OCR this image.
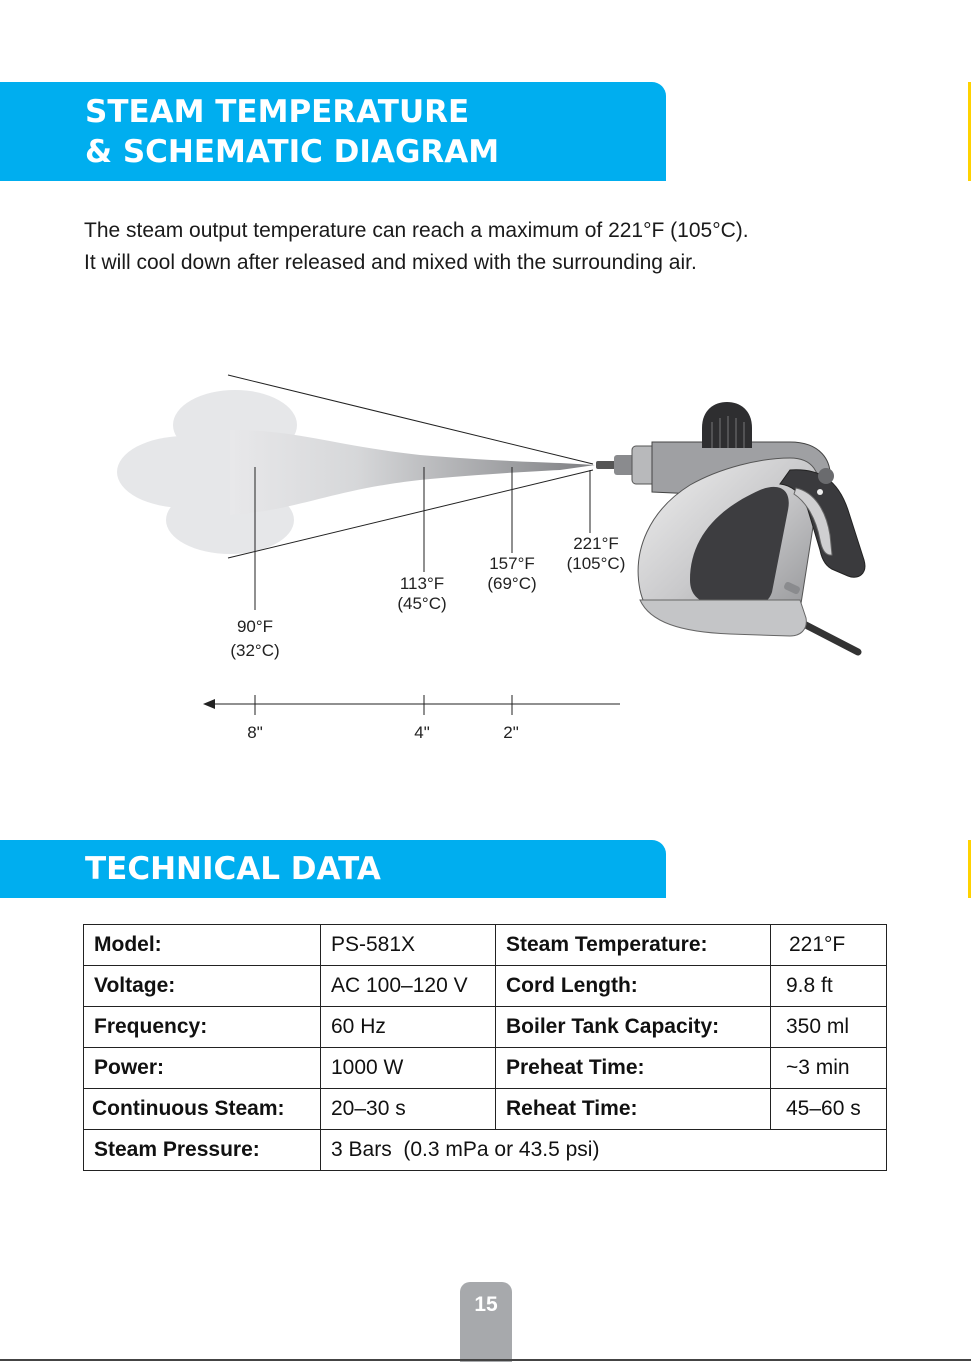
STEAM TEMPERATURE
& SCHEMATIC DIAGRAM
The steam output temperature can reach a maximum of 221°F (105°C).
It will cool down after released and mixed with the surrounding air.
221°F
(105°C)
157°F
(69°C)
113°F
(45°C)
90°F
(32°C)
8"	4"	2"
TECHNICAL DATA
Model:	PS-581X	Steam Temperature:	221°F
Voltage:	AC 100–120 V	Cord Length:	9.8 ft
Frequency:	60 Hz	Boiler Tank Capacity:	350 ml
Power:	1000 W	Preheat Time:	~3 min
Continuous Steam:	20–30 s	Reheat Time:	45–60 s
Steam Pressure:	3 Bars  (0.3 mPa or 43.5 psi)		
15
